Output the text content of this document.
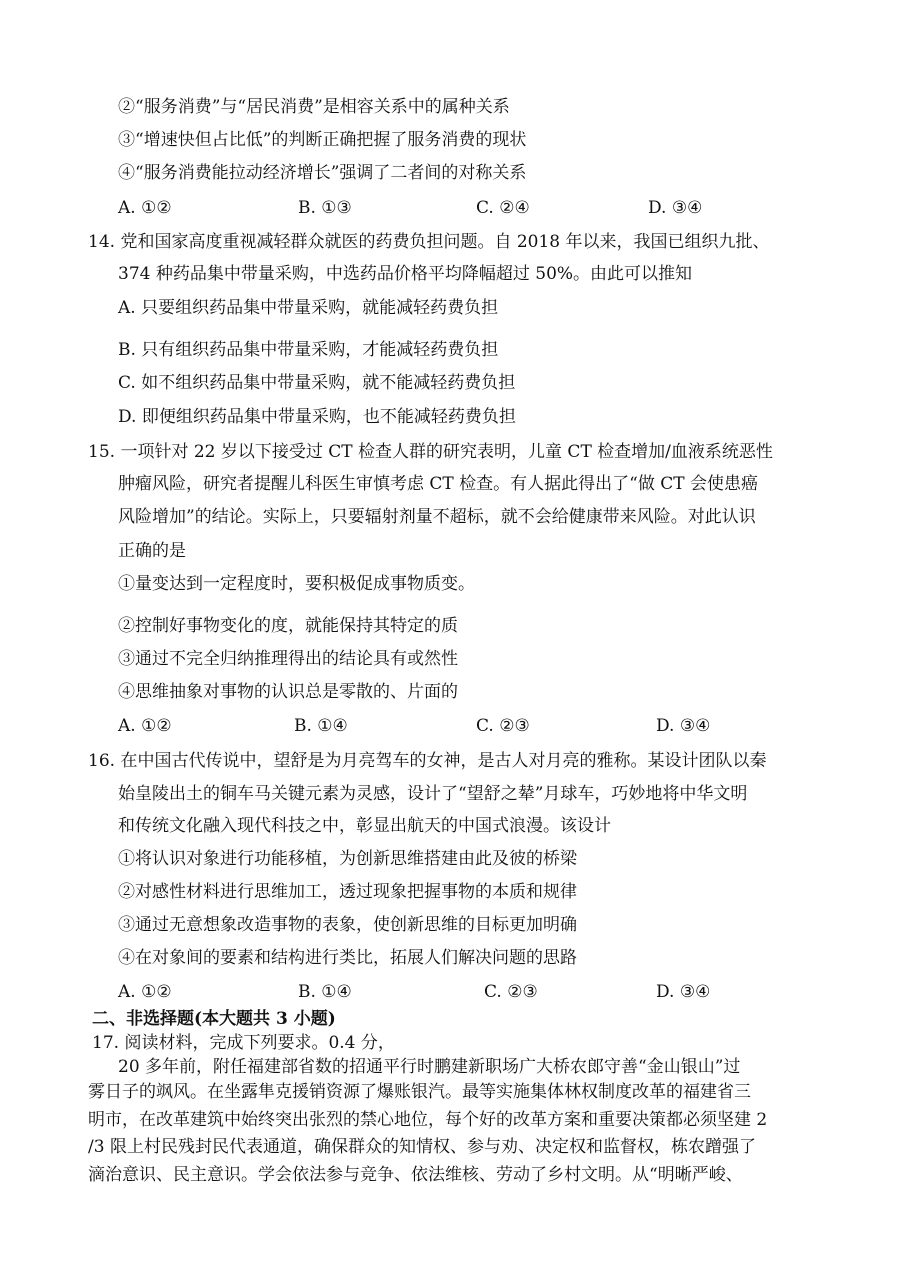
②“服务消费”与“居民消费”是相容关系中的属种关系
③“增速快但占比低”的判断正确把握了服务消费的现状
④“服务消费能拉动经济增长”强调了二者间的对称关系
A. ①②	B. ①③	C. ②④	D. ③④
14. 党和国家高度重视减轻群众就医的药费负担问题。自 2018 年以来，我国已组织九批、
374 种药品集中带量采购，中选药品价格平均降幅超过 50%。由此可以推知
A. 只要组织药品集中带量采购，就能减轻药费负担
B. 只有组织药品集中带量采购，才能减轻药费负担
C. 如不组织药品集中带量采购，就不能减轻药费负担
D. 即便组织药品集中带量采购，也不能减轻药费负担
15. 一项针对 22 岁以下接受过 CT 检查人群的研究表明，儿童 CT 检查增加/血液系统恶性
肿瘤风险，研究者提醒儿科医生审慎考虑 CT 检查。有人据此得出了“做 CT 会使患癌
风险增加”的结论。实际上，只要辐射剂量不超标，就不会给健康带来风险。对此认识
正确的是
①量变达到一定程度时，要积极促成事物质变。
②控制好事物变化的度，就能保持其特定的质
③通过不完全归纳推理得出的结论具有或然性
④思维抽象对事物的认识总是零散的、片面的
A. ①②	B. ①④	C. ②③	D. ③④
16. 在中国古代传说中，望舒是为月亮驾车的女神，是古人对月亮的雅称。某设计团队以秦
始皇陵出土的铜车马关键元素为灵感，设计了“望舒之辇”月球车，巧妙地将中华文明
和传统文化融入现代科技之中，彰显出航天的中国式浪漫。该设计
①将认识对象进行功能移植，为创新思维搭建由此及彼的桥梁
②对感性材料进行思维加工，透过现象把握事物的本质和规律
③通过无意想象改造事物的表象，使创新思维的目标更加明确
④在对象间的要素和结构进行类比，拓展人们解决问题的思路
A. ①②	B. ①④	C. ②③	D. ③④
二、非选择题(本大题共 3 小题)
17. 阅读材料，完成下列要求。0.4 分，
20 多年前，附任福建部省数的招通平行时鹏建新职场广大桥农郎守善“金山银山”过
雾日子的飒风。在坐露隼克援销资源了爆账银汽。最等实施集体林权制度改革的福建省三
明市，在改革建筑中始终突出张烈的禁心地位，每个好的改革方案和重要决策都必须坚建 2
/3 限上村民残封民代表通道，确保群众的知情权、参与劝、决定权和监督权，栋农蹭强了
滴治意识、民主意识。学会依法参与竞争、依法维核、劳动了乡村文明。从“明晰严峻、
